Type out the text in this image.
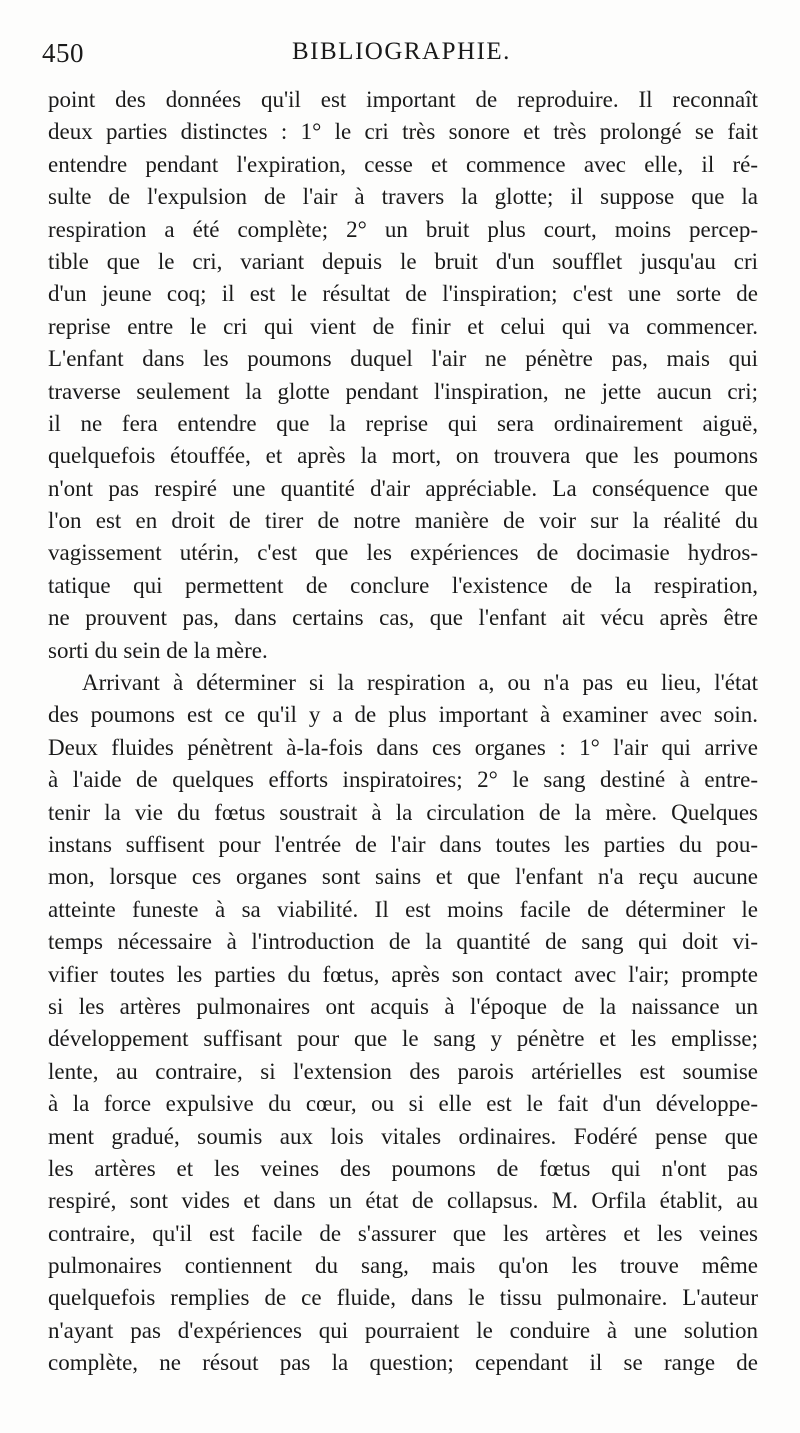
450	BIBLIOGRAPHIE.
point des données qu'il est important de reproduire. Il reconnaît
deux parties distinctes : 1° le cri très sonore et très prolongé se fait
entendre pendant l'expiration, cesse et commence avec elle, il ré-
sulte de l'expulsion de l'air à travers la glotte; il suppose que la
respiration a été complète; 2° un bruit plus court, moins percep-
tible que le cri, variant depuis le bruit d'un soufflet jusqu'au cri
d'un jeune coq; il est le résultat de l'inspiration; c'est une sorte de
reprise entre le cri qui vient de finir et celui qui va commencer.
L'enfant dans les poumons duquel l'air ne pénètre pas, mais qui
traverse seulement la glotte pendant l'inspiration, ne jette aucun cri;
il ne fera entendre que la reprise qui sera ordinairement aiguë,
quelquefois étouffée, et après la mort, on trouvera que les poumons
n'ont pas respiré une quantité d'air appréciable. La conséquence que
l'on est en droit de tirer de notre manière de voir sur la réalité du
vagissement utérin, c'est que les expériences de docimasie hydros-
tatique qui permettent de conclure l'existence de la respiration,
ne prouvent pas, dans certains cas, que l'enfant ait vécu après être
sorti du sein de la mère.
Arrivant à déterminer si la respiration a, ou n'a pas eu lieu, l'état
des poumons est ce qu'il y a de plus important à examiner avec soin.
Deux fluides pénètrent à-la-fois dans ces organes : 1° l'air qui arrive
à l'aide de quelques efforts inspiratoires; 2° le sang destiné à entre-
tenir la vie du fœtus soustrait à la circulation de la mère. Quelques
instans suffisent pour l'entrée de l'air dans toutes les parties du pou-
mon, lorsque ces organes sont sains et que l'enfant n'a reçu aucune
atteinte funeste à sa viabilité. Il est moins facile de déterminer le
temps nécessaire à l'introduction de la quantité de sang qui doit vi-
vifier toutes les parties du fœtus, après son contact avec l'air; prompte
si les artères pulmonaires ont acquis à l'époque de la naissance un
développement suffisant pour que le sang y pénètre et les emplisse;
lente, au contraire, si l'extension des parois artérielles est soumise
à la force expulsive du cœur, ou si elle est le fait d'un développe-
ment gradué, soumis aux lois vitales ordinaires. Fodéré pense que
les artères et les veines des poumons de fœtus qui n'ont pas
respiré, sont vides et dans un état de collapsus. M. Orfila établit, au
contraire, qu'il est facile de s'assurer que les artères et les veines
pulmonaires contiennent du sang, mais qu'on les trouve même
quelquefois remplies de ce fluide, dans le tissu pulmonaire. L'auteur
n'ayant pas d'expériences qui pourraient le conduire à une solution
complète, ne résout pas la question; cependant il se range de
